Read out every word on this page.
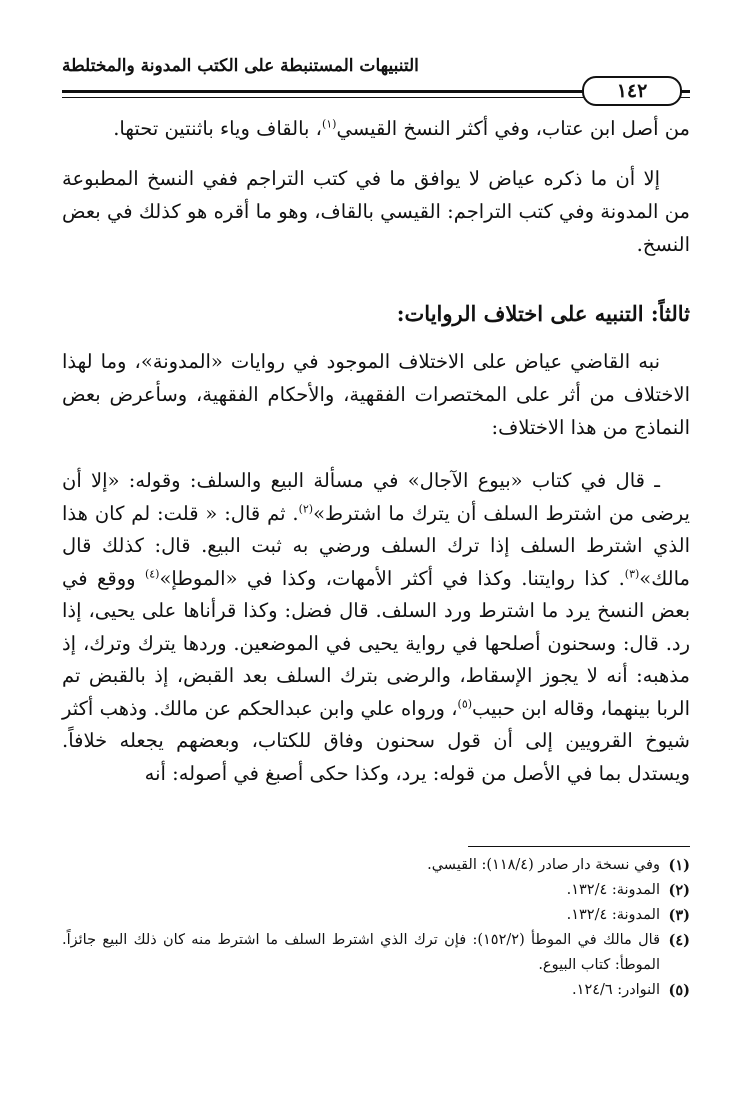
التنبيهات المستنبطة على الكتب المدونة والمختلطة
١٤٢

من أصل ابن عتاب، وفي أكثر النسخ القيسي$^{(١)}$، بالقاف وياء باثنتين تحتها.

إلا أن ما ذكره عياض لا يوافق ما في كتب التراجم ففي النسخ المطبوعة من المدونة وفي كتب التراجم: القيسي بالقاف، وهو ما أقره هو كذلك في بعض النسخ.

ثالثاً: التنبيه على اختلاف الروايات:

نبه القاضي عياض على الاختلاف الموجود في روايات «المدونة»، وما لهذا الاختلاف من أثر على المختصرات الفقهية، والأحكام الفقهية، وسأعرض بعض النماذج من هذا الاختلاف:

ـ قال في كتاب «بيوع الآجال» في مسألة البيع والسلف: وقوله: «إلا أن يرضى من اشترط السلف أن يترك ما اشترط»$^{(٢)}$. ثم قال: « قلت: لم كان هذا الذي اشترط السلف إذا ترك السلف ورضي به ثبت البيع. قال: كذلك قال مالك»$^{(٣)}$. كذا روايتنا. وكذا في أكثر الأمهات، وكذا في «الموطإ»$^{(٤)}$ ووقع في بعض النسخ يرد ما اشترط ورد السلف. قال فضل: وكذا قرأناها على يحيى، إذا رد. قال: وسحنون أصلحها في رواية يحيى في الموضعين. وردها يترك وترك، إذ مذهبه: أنه لا يجوز الإسقاط، والرضى بترك السلف بعد القبض، إذ بالقبض تم الربا بينهما، وقاله ابن حبيب$^{(٥)}$، ورواه علي وابن عبدالحكم عن مالك. وذهب أكثر شيوخ القرويين إلى أن قول سحنون وفاق للكتاب، وبعضهم يجعله خلافاً. ويستدل بما في الأصل من قوله: يرد، وكذا حكى أصبغ في أصوله: أنه

(١)
وفي نسخة دار صادر (١١٨/٤): القيسي.
(٢)
المدونة: ١٣٢/٤.
(٣)
المدونة: ١٣٢/٤.
(٤)
قال مالك في الموطأ (١٥٢/٢): فإن ترك الذي اشترط السلف ما اشترط منه كان ذلك البيع جائزاً. الموطأ: كتاب البيوع.
(٥)
النوادر: ١٢٤/٦.
